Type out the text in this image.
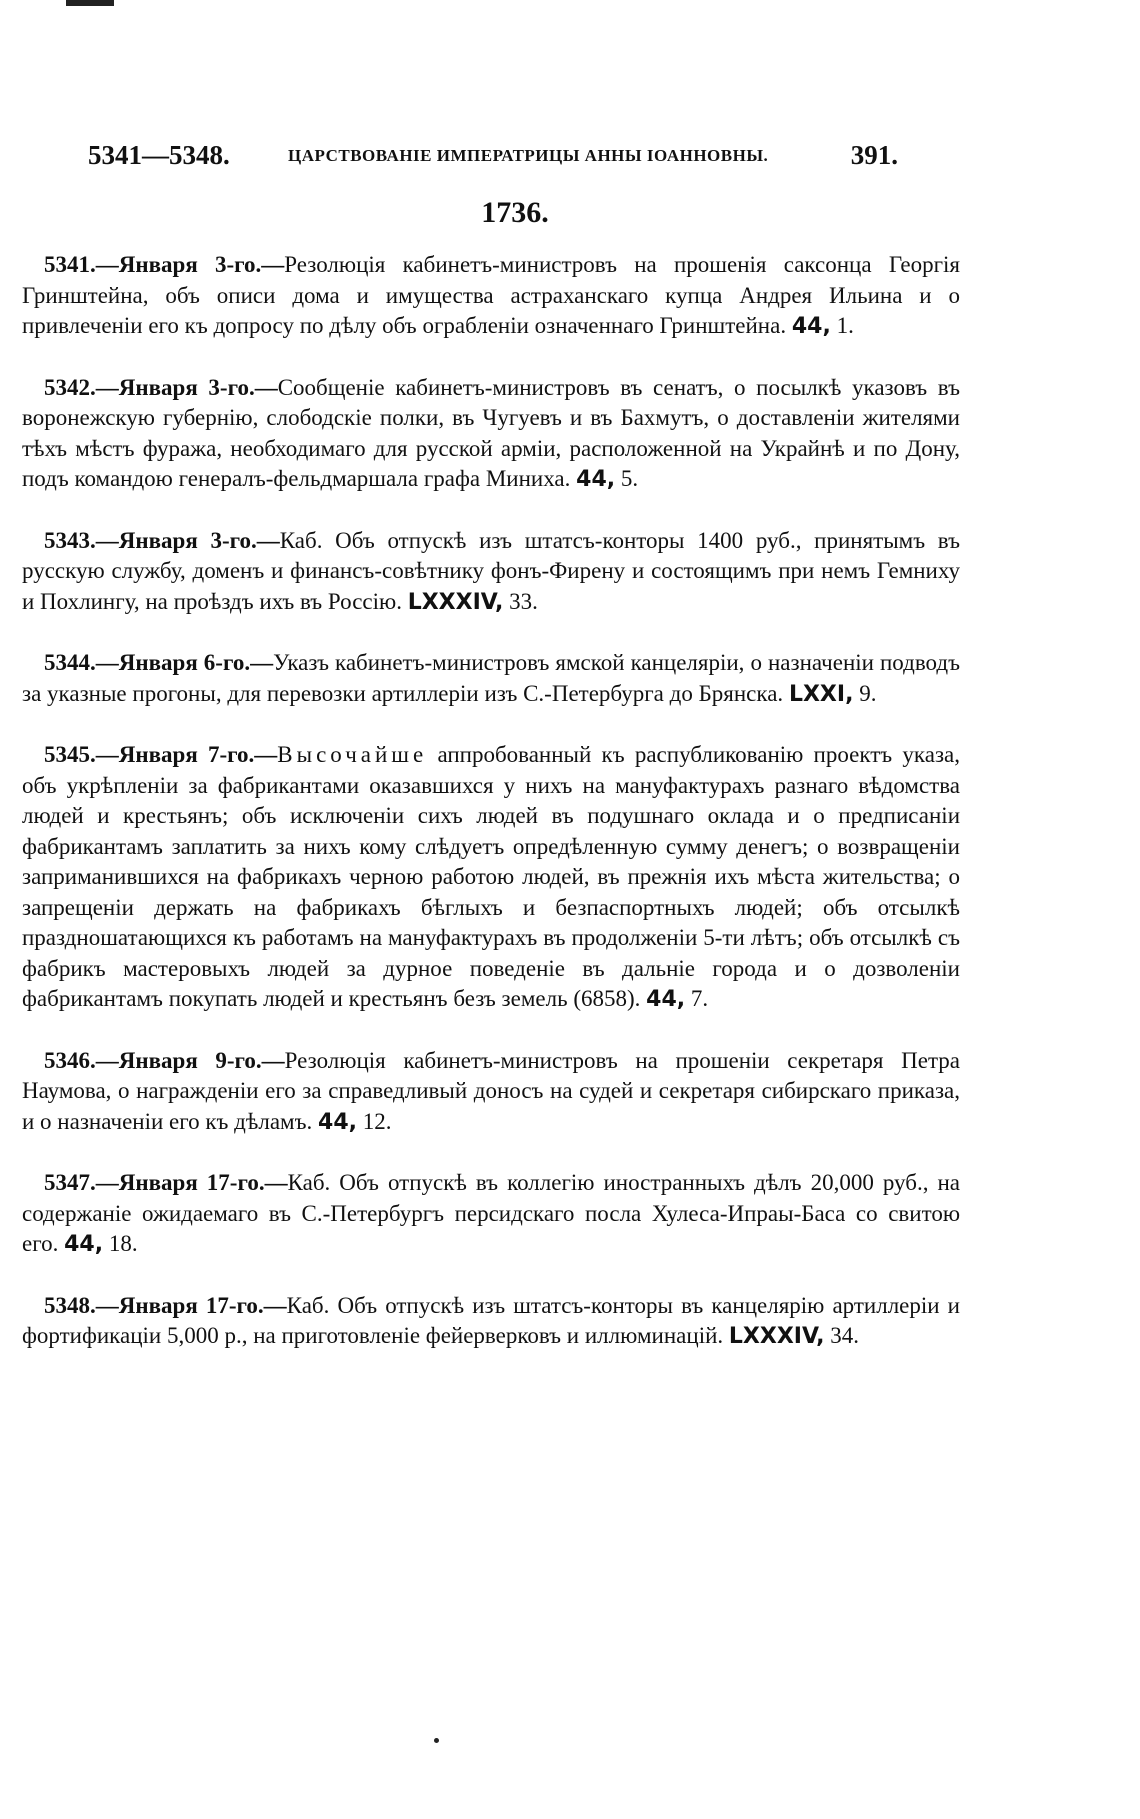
5341—5348.	ЦАРСТВОВАНІЕ ИМПЕРАТРИЦЫ АННЫ ІОАННОВНЫ.	391.
1736.

5341.—Января 3-го.—Резолюція кабинетъ-министровъ на прошенія саксонца Георгія Гринштейна, объ описи дома и имущества астраханскаго купца Андрея Ильина и о привлеченіи его къ допросу по дѣлу объ ограбленіи означеннаго Гринштейна. 44, 1.

5342.—Января 3-го.—Сообщеніе кабинетъ-министровъ въ сенатъ, о посылкѣ указовъ въ воронежскую губернію, слободскіе полки, въ Чугуевъ и въ Бахмутъ, о доставленіи жителями тѣхъ мѣстъ фуража, необходимаго для русской арміи, расположенной на Украйнѣ и по Дону, подъ командою генералъ-фельдмаршала графа Миниха. 44, 5.

5343.—Января 3-го.—Каб. Объ отпускѣ изъ штатсъ-конторы 1400 руб., принятымъ въ русскую службу, доменъ и финансъ-совѣтнику фонъ-Фирену и состоящимъ при немъ Гемниху и Похлингу, на проѣздъ ихъ въ Россію. LXXXIV, 33.

5344.—Января 6-го.—Указъ кабинетъ-министровъ ямской канцеляріи, о назначеніи подводъ за указные прогоны, для перевозки артиллеріи изъ С.-Петербурга до Брянска. LXXI, 9.

5345.—Января 7-го.—Высочайше аппробованный къ распубликованію проектъ указа, объ укрѣпленіи за фабрикантами оказавшихся у нихъ на мануфактурахъ разнаго вѣдомства людей и крестьянъ; объ исключеніи сихъ людей въ подушнаго оклада и о предписаніи фабрикантамъ заплатить за нихъ кому слѣдуетъ опредѣленную сумму денегъ; о возвращеніи заприманившихся на фабрикахъ черною работою людей, въ прежнія ихъ мѣста жительства; о запрещеніи держать на фабрикахъ бѣглыхъ и безпаспортныхъ людей; объ отсылкѣ праздношатающихся къ работамъ на мануфактурахъ въ продолженіи 5-ти лѣтъ; объ отсылкѣ съ фабрикъ мастеровыхъ людей за дурное поведеніе въ дальніе города и о дозволеніи фабрикантамъ покупать людей и крестьянъ безъ земель (6858). 44, 7.

5346.—Января 9-го.—Резолюція кабинетъ-министровъ на прошеніи секретаря Петра Наумова, о награжденіи его за справедливый доносъ на судей и секретаря сибирскаго приказа, и о назначеніи его къ дѣламъ. 44, 12.

5347.—Января 17-го.—Каб. Объ отпускѣ въ коллегію иностранныхъ дѣлъ 20,000 руб., на содержаніе ожидаемаго въ С.-Петербургъ персидскаго посла Хулеса-Ипраы-Баса со свитою его. 44, 18.

5348.—Января 17-го.—Каб. Объ отпускѣ изъ штатсъ-конторы въ канцелярію артиллеріи и фортификаціи 5,000 р., на приготовленіе фейерверковъ и иллюминацій. LXXXIV, 34.
